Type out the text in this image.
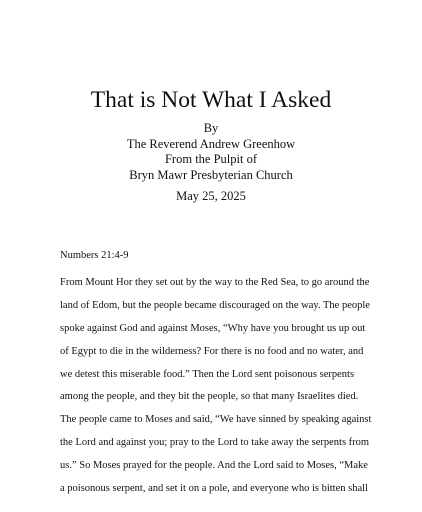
That is Not What I Asked
By
The Reverend Andrew Greenhow
From the Pulpit of
Bryn Mawr Presbyterian Church
May 25, 2025
Numbers 21:4-9
From Mount Hor they set out by the way to the Red Sea, to go around the
land of Edom, but the people became discouraged on the way. The people
spoke against God and against Moses, “Why have you brought us up out
of Egypt to die in the wilderness? For there is no food and no water, and
we detest this miserable food.” Then the Lord sent poisonous serpents
among the people, and they bit the people, so that many Israelites died.
The people came to Moses and said, “We have sinned by speaking against
the Lord and against you; pray to the Lord to take away the serpents from
us.” So Moses prayed for the people. And the Lord said to Moses, “Make
a poisonous serpent, and set it on a pole, and everyone who is bitten shall
